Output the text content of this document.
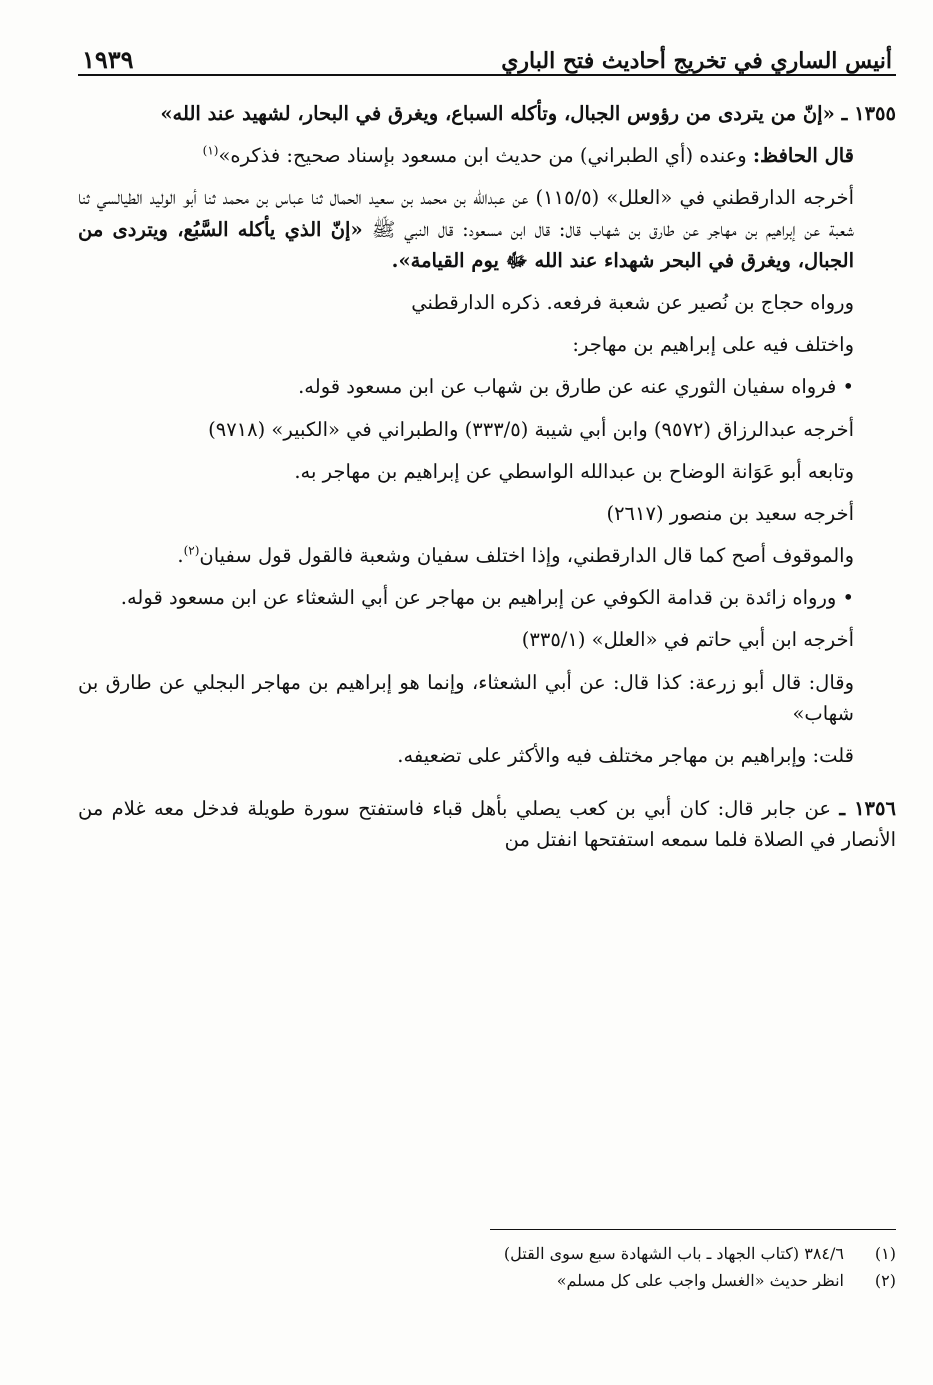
١٩٣٩	أنيس الساري في تخريج أحاديث فتح الباري

١٣٥٥ ـ «إنّ من يتردى من رؤوس الجبال، وتأكله السباع، ويغرق في البحار، لشهيد عند الله»

قال الحافظ: وعنده (أي الطبراني) من حديث ابن مسعود بإسناد صحيح: فذكره»$^{(١)}$

أخرجه الدارقطني في «العلل» (١١٥/٥) عن عبدالله بن محمد بن سعيد الحمال ثنا عباس بن محمد ثنا أبو الوليد الطيالسي ثنا شعبة عن إبراهيم بن مهاجر عن طارق بن شهاب قال: قال ابن مسعود: قال النبي ﷺ «إنّ الذي يأكله السَّبُع، ويتردى من الجبال، ويغرق في البحر شهداء عند الله ﷻ يوم القيامة».

ورواه حجاج بن نُصير عن شعبة فرفعه. ذكره الدارقطني

واختلف فيه على إبراهيم بن مهاجر:

• فرواه سفيان الثوري عنه عن طارق بن شهاب عن ابن مسعود قوله.

أخرجه عبدالرزاق (٩٥٧٢) وابن أبي شيبة (٣٣٣/٥) والطبراني في «الكبير» (٩٧١٨)

وتابعه أبو عَوَانة الوضاح بن عبدالله الواسطي عن إبراهيم بن مهاجر به.

أخرجه سعيد بن منصور (٢٦١٧)

والموقوف أصح كما قال الدارقطني، وإذا اختلف سفيان وشعبة فالقول قول سفيان$^{(٢)}$.

• ورواه زائدة بن قدامة الكوفي عن إبراهيم بن مهاجر عن أبي الشعثاء عن ابن مسعود قوله.

أخرجه ابن أبي حاتم في «العلل» (٣٣٥/١)

وقال: قال أبو زرعة: كذا قال: عن أبي الشعثاء، وإنما هو إبراهيم بن مهاجر البجلي عن طارق بن شهاب»

قلت: وإبراهيم بن مهاجر مختلف فيه والأكثر على تضعيفه.

١٣٥٦ ـ عن جابر قال: كان أبي بن كعب يصلي بأهل قباء فاستفتح سورة طويلة فدخل معه غلام من الأنصار في الصلاة فلما سمعه استفتحها انفتل من

(١)
٣٨٤/٦ (كتاب الجهاد ـ باب الشهادة سبع سوى القتل)
(٢)
انظر حديث «الغسل واجب على كل مسلم»
